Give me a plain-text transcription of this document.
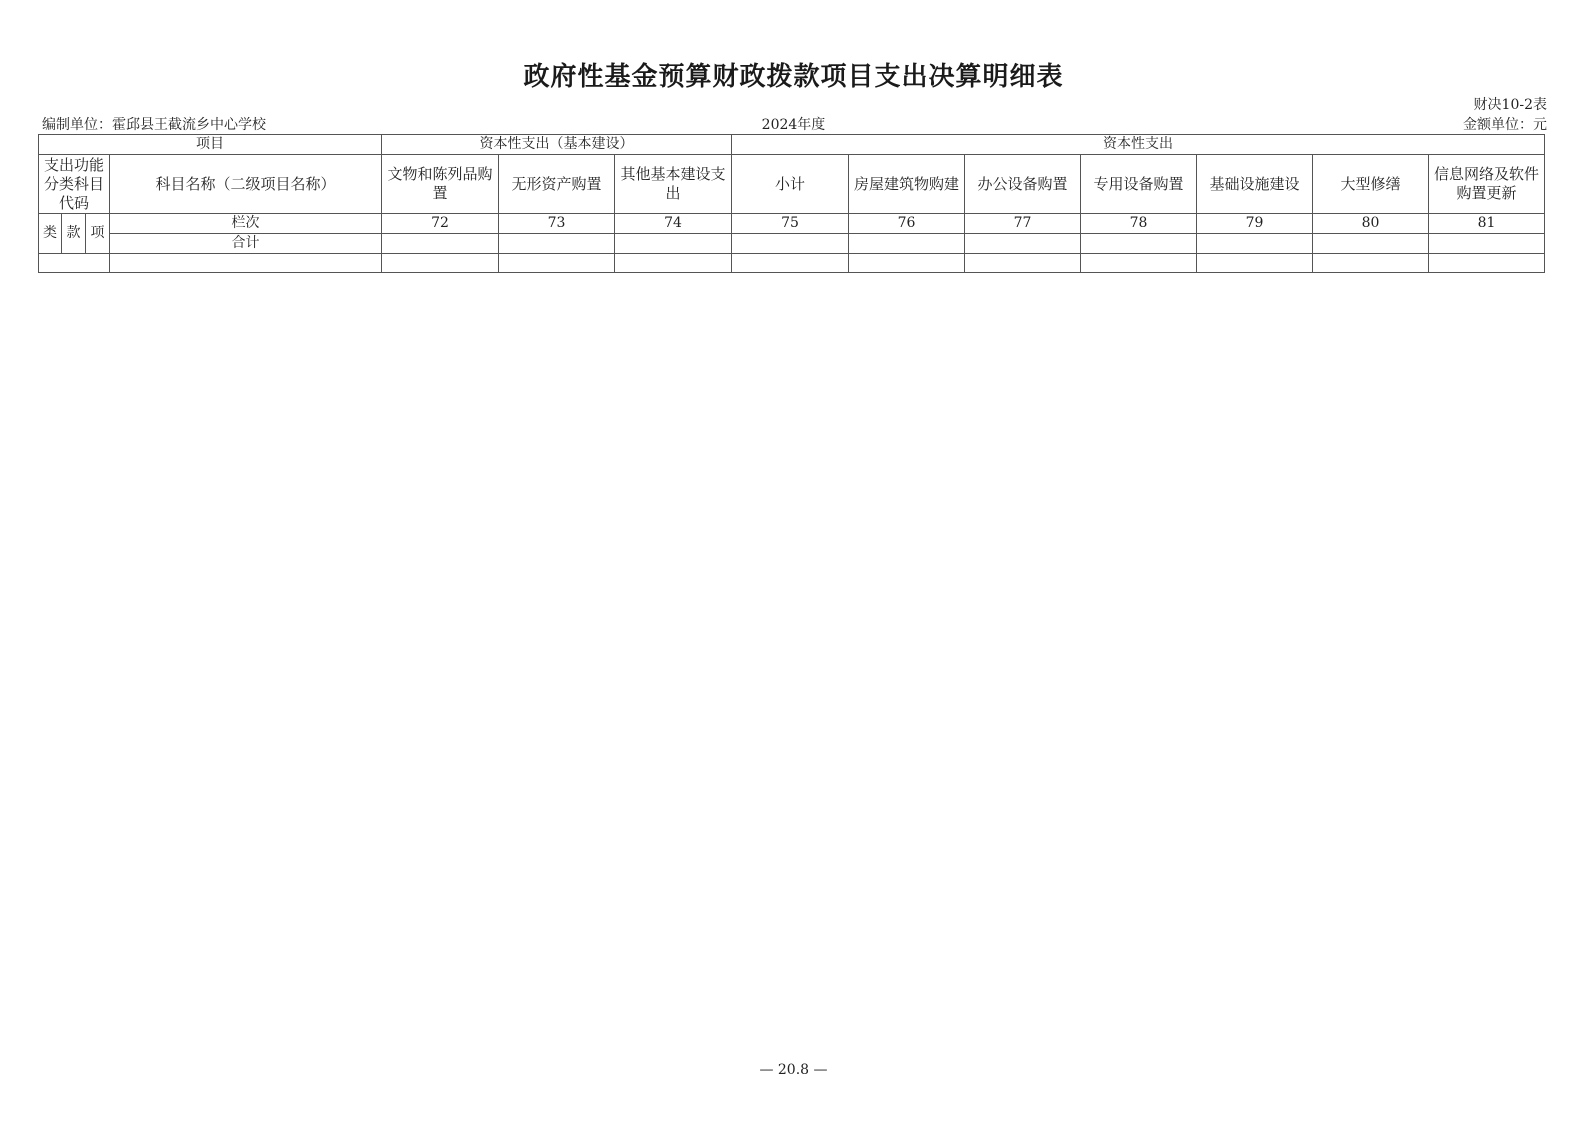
政府性基金预算财政拨款项目支出决算明细表
财决10-2表
编制单位：霍邱县王截流乡中心学校	2024年度	金额单位：元
项目				资本性支出（基本建设）			资本性支出						
支出功能分类科目代码			科目名称（二级项目名称）	文物和陈列品购置	无形资产购置	其他基本建设支出	小计	房屋建筑物购建	办公设备购置	专用设备购置	基础设施建设	大型修缮	信息网络及软件购置更新
类	款	项	栏次	72	73	74	75	76	77	78	79	80	81
			合计										

— 20.8 —
